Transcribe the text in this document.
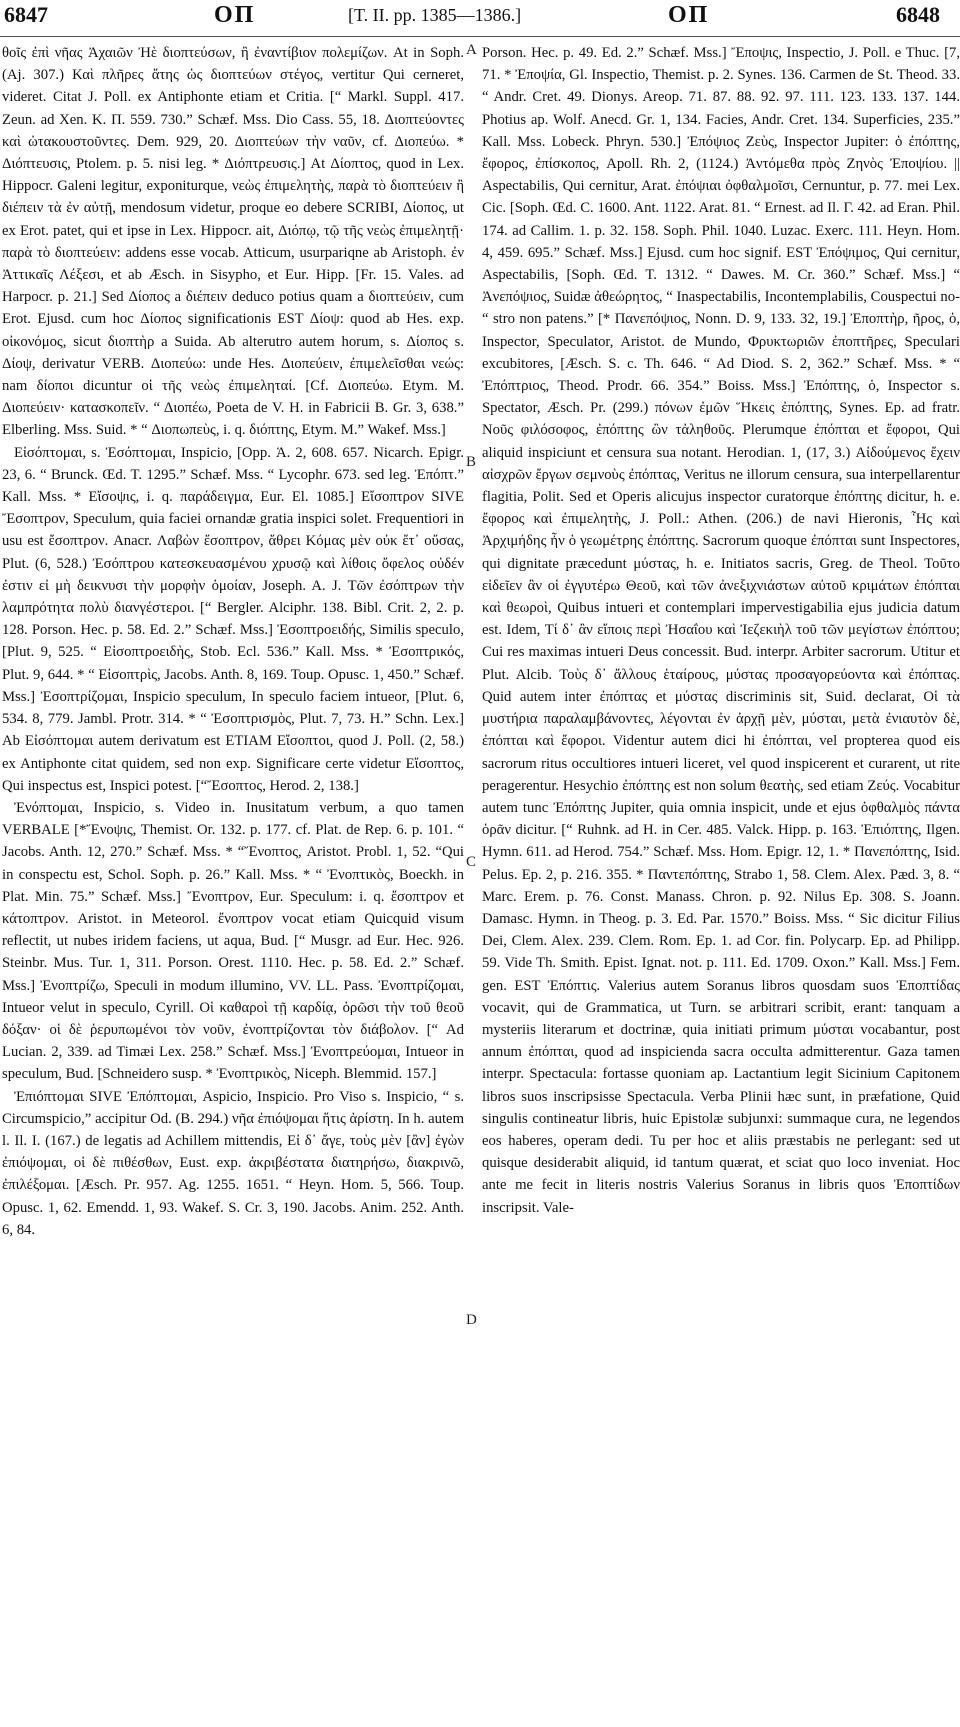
6847	ΟΠ	[T. II. pp. 1385—1386.]	ΟΠ	6848

θοῖς ἐπὶ νῆας Ἀχαιῶν Ἠὲ διοπτεύσων, ἢ ἐναντίβιον πολεμίζων. At in Soph. (Aj. 307.) Καὶ πλῆρες ἄτης ὡς διοπτεύων στέγος, vertitur Qui cerneret, videret. Citat J. Poll. ex Antiphonte etiam et Critia. [“ Markl. Suppl. 417. Zeun. ad Xen. K. Π. 559. 730.” Schæf. Mss. Dio Cass. 55, 18. Διοπτεύοντες καὶ ὠτακουστοῦντες. Dem. 929, 20. Διοπτεύων τὴν ναῦν, cf. Διοπεύω. * Διόπτευσις, Ptolem. p. 5. nisi leg. * Διόπτρευσις.] Αt Δίοπτος, quod in Lex. Hippocr. Galeni legitur, exponiturque, νεὼς ἐπιμελητὴς, παρὰ τὸ διοπτεύειν ἢ διέπειν τὰ ἐν αὐτῇ, mendosum videtur, proque eo debere SCRIBI, Δίοπος, ut ex Erot. patet, qui et ipse in Lex. Hippocr. ait, Διόπῳ, τῷ τῆς νεὼς ἐπιμελητῇ· παρὰ τὸ διοπτεύειν: addens esse vocab. Atticum, usurpariqne ab Aristoph. ἐν Ἀττικαῖς Λέξεσι, et ab Æsch. in Sisypho, et Eur. Hipp. [Fr. 15. Vales. ad Harpocr. p. 21.] Sed Δίοπος a διέπειν deduco potius quam a διοπτεύειν, cum Erot. Ejusd. cum hoc Δίοπος significationis EST Δίοψ: quod ab Hes. exp. οἰκονόμος, sicut διοπτὴρ a Suida. Ab alterutro autem horum, s. Δίοπος s. Δίοψ, derivatur VERB. Διοπεύω: unde Hes. Διοπεύειν, ἐπιμελεῖσθαι νεώς: nam δίοποι dicuntur οἱ τῆς νεὼς ἐπιμεληταί. [Cf. Διοπεύω. Etym. M. Διοπεύειν· κατασκοπεῖν. “ Διοπέω, Poeta de V. H. in Fabricii B. Gr. 3, 638.” Elberling. Mss. Suid. * “ Διοπωπεὺς, i. q. διόπτης, Etym. M.” Wakef. Mss.]

Εἰσόπτομαι, s. Ἐσόπτομαι, Inspicio, [Opp. Ἁ. 2, 608. 657. Nicarch. Epigr. 23, 6. “ Brunck. Œd. T. 1295.” Schæf. Mss. “ Lycophr. 673. sed leg. Ἐπόπτ.” Kall. Mss. * Εἴσοψις, i. q. παράδειγμα, Eur. El. 1085.] Εἴσοπτρον SIVE Ἔσοπτρον, Speculum, quia faciei ornandæ gratia inspici solet. Frequentiori in usu est ἔσοπτρον. Anacr. Λαβὼν ἔσοπτρον, ἄθρει Κόμας μὲν οὐκ ἔτ᾽ οὔσας, Plut. (6, 528.) Ἐσόπτρου κατεσκευασμένου χρυσῷ καὶ λίθοις ὄφελος οὐδέν ἐστιν εἰ μὴ δεικνυσι τὴν μορφὴν ὁμοίαν, Joseph. A. J. Τῶν ἐσόπτρων τὴν λαμπρότητα πολὺ διανγέστεροι. [“ Bergler. Alciphr. 138. Bibl. Crit. 2, 2. p. 128. Porson. Hec. p. 58. Ed. 2.” Schæf. Mss.] Ἐσοπτροειδής, Similis speculo, [Plut. 9, 525. “ Εἰσοπτροειδὴς, Stob. Ecl. 536.” Kall. Mss. * Ἐσοπτρικός, Plut. 9, 644. * “ Εἰσοπτρὶς, Jacobs. Anth. 8, 169. Toup. Opusc. 1, 450.” Schæf. Mss.] Ἐσοπτρίζομαι, Inspicio speculum, In speculo faciem intueor, [Plut. 6, 534. 8, 779. Jambl. Protr. 314. * “ Ἐσοπτρισμὸς, Plut. 7, 73. H.” Schn. Lex.] Ab Εἰσόπτομαι autem derivatum est ETIAM Εἴσοπτοι, quod J. Poll. (2, 58.) ex Antiphonte citat quidem, sed non exp. Significare certe videtur Εἴσοπτος, Qui inspectus est, Inspici potest. [“Ἔσοπτος, Herod. 2, 138.]

Ἐνόπτομαι, Inspicio, s. Video in. Inusitatum verbum, a quo tamen VERBALE [*Ἔνοψις, Themist. Or. 132. p. 177. cf. Plat. de Rep. 6. p. 101. “ Jacobs. Anth. 12, 270.” Schæf. Mss. * “Ἔνοπτος, Aristot. Probl. 1, 52. “Qui in conspectu est, Schol. Soph. p. 26.” Kall. Mss. * “ Ἐνοπτικὸς, Boeckh. in Plat. Min. 75.” Schæf. Mss.] Ἔνοπτρον, Eur. Speculum: i. q. ἔσοπτρον et κάτοπτρον. Aristot. in Meteorol. ἔνοπτρον vocat etiam Quicquid visum reflectit, ut nubes iridem faciens, ut aqua, Bud. [“ Musgr. ad Eur. Hec. 926. Steinbr. Mus. Tur. 1, 311. Porson. Orest. 1110. Hec. p. 58. Ed. 2.” Schæf. Mss.] Ἐνοπτρίζω, Speculi in modum illumino, VV. LL. Pass. Ἐνοπτρίζομαι, Intueor velut in speculo, Cyrill. Οἱ καθαροὶ τῇ καρδίᾳ, ὁρῶσι τὴν τοῦ θεοῦ δόξαν· οἱ δὲ ῥερυπωμένοι τὸν νοῦν, ἐνοπτρίζονται τὸν διάβολον. [“ Ad Lucian. 2, 339. ad Timæi Lex. 258.” Schæf. Mss.] Ἐνοπτρεύομαι, Intueor in speculum, Bud. [Schneidero susp. * Ἐνοπτρικὸς, Niceph. Blemmid. 157.]

Ἐπιόπτομαι SIVE Ἐπόπτομαι, Aspicio, Inspicio. Pro Viso s. Inspicio, “ s. Circumspicio,” accipitur Od. (B. 294.) νῆα ἐπιόψομαι ἥτις ἀρίστη. In h. autem l. Il. I. (167.) de legatis ad Achillem mittendis, Εἰ δ᾽ ἄγε, τοὺς μὲν [ἂν] ἐγὼν ἐπιόψομαι, οἱ δὲ πιθέσθων, Eust. exp. ἀκριβέστατα διατηρήσω, διακρινῶ, ἐπιλέξομαι. [Æsch. Pr. 957. Ag. 1255. 1651. “ Heyn. Hom. 5, 566. Toup. Opusc. 1, 62. Emendd. 1, 93. Wakef. S. Cr. 3, 190. Jacobs. Anim. 252. Anth. 6, 84.

A
B
C
D

Porson. Hec. p. 49. Ed. 2.” Schæf. Mss.] Ἔποψις, Inspectio, J. Poll. e Thuc. [7, 71. * Ἐποψία, Gl. Inspectio, Themist. p. 2. Synes. 136. Carmen de St. Theod. 33. “ Andr. Cret. 49. Dionys. Areop. 71. 87. 88. 92. 97. 111. 123. 133. 137. 144. Photius ap. Wolf. Anecd. Gr. 1, 134. Facies, Andr. Cret. 134. Superficies, 235.” Kall. Mss. Lobeck. Phryn. 530.] Ἐπόψιος Ζεὺς, Inspector Jupiter: ὁ ἐπόπτης, ἔφορος, ἐπίσκοπος, Apoll. Rh. 2, (1124.) Ἀντόμεθα πρὸς Ζηνὸς Ἐποψίου. || Aspectabilis, Qui cernitur, Arat. ἐπόψιαι ὀφθαλμοῖσι, Cernuntur, p. 77. mei Lex. Cic. [Soph. Œd. C. 1600. Ant. 1122. Arat. 81. “ Ernest. ad Il. Γ. 42. ad Eran. Phil. 174. ad Callim. 1. p. 32. 158. Soph. Phil. 1040. Luzac. Exerc. 111. Heyn. Hom. 4, 459. 695.” Schæf. Mss.] Ejusd. cum hoc signif. EST Ἐπόψιμος, Qui cernitur, Aspectabilis, [Soph. Œd. T. 1312. “ Dawes. M. Cr. 360.” Schæf. Mss.] “ Ἀνεπόψιος, Suidæ ἀθεώρητος, “ Inaspectabilis, Incontemplabilis, Couspectui no- “ stro non patens.” [* Πανεπόψιος, Nonn. D. 9, 133. 32, 19.] Ἐποπτὴρ, ῆρος, ὁ, Inspector, Speculator, Aristot. de Mundo, Φρυκτωριῶν ἐποπτῆρες, Speculari excubitores, [Æsch. S. c. Th. 646. “ Ad Diod. S. 2, 362.” Schæf. Mss. * “ Ἐπόπτριος, Theod. Prodr. 66. 354.” Boiss. Mss.] Ἐπόπτης, ὁ, Inspector s. Spectator, Æsch. Pr. (299.) πόνων ἐμῶν Ἥκεις ἐπόπτης, Synes. Ep. ad fratr. Νοῦς φιλόσοφος, ἐπόπτης ὢν τἀληθοῦς. Plerumque ἐπόπται et ἔφοροι, Qui aliquid inspiciunt et censura sua notant. Herodian. 1, (17, 3.) Αἰδούμενος ἔχειν αἰσχρῶν ἔργων σεμνοὺς ἐπόπτας, Veritus ne illorum censura, sua interpellarentur flagitia, Polit. Sed et Operis alicujus inspector curatorque ἐπόπτης dicitur, h. e. ἔφορος καὶ ἐπιμελητὴς, J. Poll.: Athen. (206.) de navi Hieronis, Ἧς καὶ Ἀρχιμήδης ἦν ὁ γεωμέτρης ἐπόπτης. Sacrorum quoque ἐπόπται sunt Inspectores, qui dignitate præcedunt μύστας, h. e. Initiatos sacris, Greg. de Theol. Τοῦτο εἰδεῖεν ἂν οἱ ἐγγυτέρω Θεοῦ, καὶ τῶν ἀνεξιχνιάστων αὐτοῦ κριμάτων ἐπόπται καὶ θεωροὶ, Quibus intueri et contemplari impervestigabilia ejus judicia datum est. Idem, Τί δ᾽ ἂν εἴποις περὶ Ἠσαΐου καὶ Ἰεζεκιὴλ τοῦ τῶν μεγίστων ἐπόπτου; Cui res maximas intueri Deus concessit. Bud. interpr. Arbiter sacrorum. Utitur et Plut. Alcib. Τοὺς δ᾽ ἄλλους ἑταίρους, μύστας προσαγορεύοντα καὶ ἐπόπτας. Quid autem inter ἐπόπτας et μύστας discriminis sit, Suid. declarat, Οἱ τὰ μυστήρια παραλαμβάνοντες, λέγονται ἐν ἀρχῇ μὲν, μύσται, μετὰ ἐνιαυτὸν δὲ, ἐπόπται καὶ ἔφοροι. Videntur autem dici hi ἐπόπται, vel propterea quod eis sacrorum ritus occultiores intueri liceret, vel quod inspicerent et curarent, ut rite peragerentur. Hesychio ἐπόπτης est non solum θεατὴς, sed etiam Ζεύς. Vocabitur autem tunc Ἐπόπτης Jupiter, quia omnia inspicit, unde et ejus ὀφθαλμὸς πάντα ὁρᾶν dicitur. [“ Ruhnk. ad H. in Cer. 485. Valck. Hipp. p. 163. Ἐπιόπτης, Ilgen. Hymn. 611. ad Herod. 754.” Schæf. Mss. Hom. Epigr. 12, 1. * Πανεπόπτης, Isid. Pelus. Ep. 2, p. 216. 355. * Παντεπόπτης, Strabo 1, 58. Clem. Alex. Pæd. 3, 8. “ Marc. Erem. p. 76. Const. Manass. Chron. p. 92. Nilus Ep. 308. S. Joann. Damasc. Hymn. in Theog. p. 3. Ed. Par. 1570.” Boiss. Mss. “ Sic dicitur Filius Dei, Clem. Alex. 239. Clem. Rom. Ep. 1. ad Cor. fin. Polycarp. Ep. ad Philipp. 59. Vide Th. Smith. Epist. Ignat. not. p. 111. Ed. 1709. Oxon.” Kall. Mss.] Fem. gen. EST Ἐπόπτις. Valerius autem Soranus libros quosdam suos Ἐποπτίδας vocavit, qui de Grammatica, ut Turn. se arbitrari scribit, erant: tanquam a mysteriis literarum et doctrinæ, quia initiati primum μύσται vocabantur, post annum ἐπόπται, quod ad inspicienda sacra occulta admitterentur. Gaza tamen interpr. Spectacula: fortasse quoniam ap. Lactantium legit Sicinium Capitonem libros suos inscripsisse Spectacula. Verba Plinii hæc sunt, in præfatione, Quid singulis contineatur libris, huic Epistolæ subjunxi: summaque cura, ne legendos eos haberes, operam dedi. Tu per hoc et aliis præstabis ne perlegant: sed ut quisque desiderabit aliquid, id tantum quærat, et sciat quo loco inveniat. Hoc ante me fecit in literis nostris Valerius Soranus in libris quos Ἐποπτίδων inscripsit. Vale-
